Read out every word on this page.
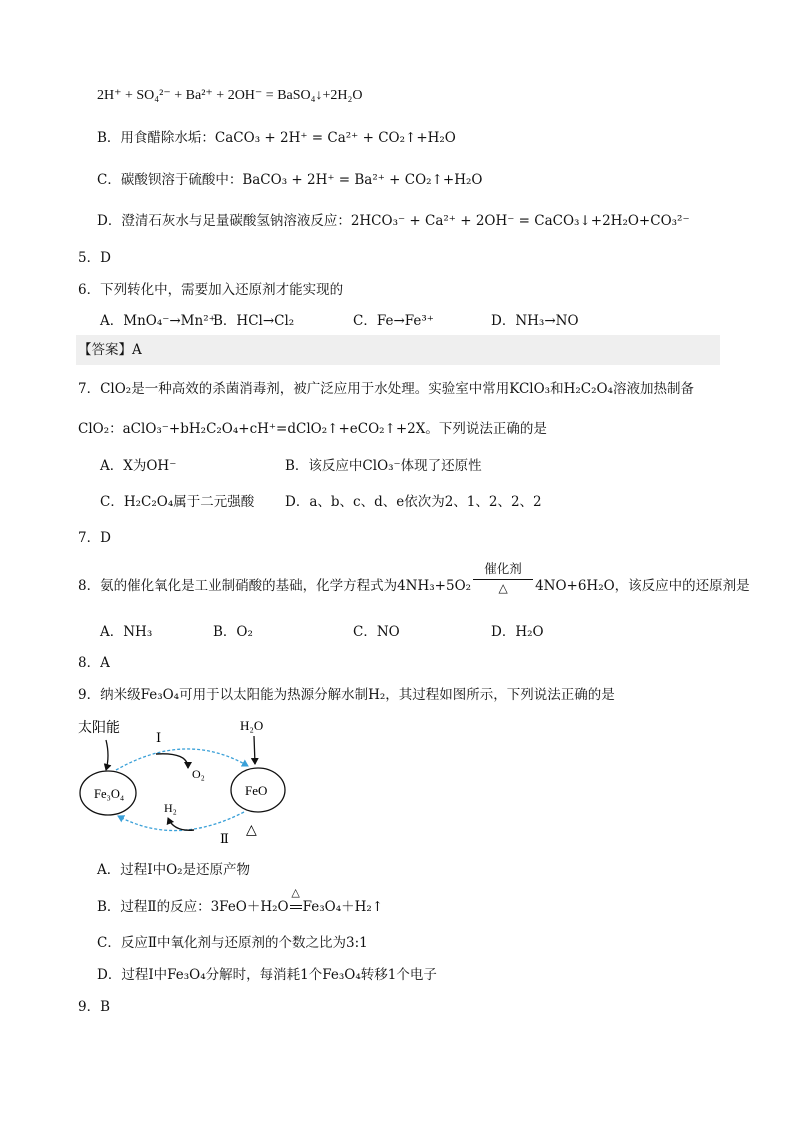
2H⁺ + SO₄²⁻ + Ba²⁺ + 2OH⁻ = BaSO₄↓+2H₂O
B．用食醋除水垢：CaCO₃ + 2H⁺ = Ca²⁺ + CO₂↑+H₂O
C．碳酸钡溶于硫酸中：BaCO₃ + 2H⁺ = Ba²⁺ + CO₂↑+H₂O
D．澄清石灰水与足量碳酸氢钠溶液反应：2HCO₃⁻ + Ca²⁺ + 2OH⁻ = CaCO₃↓+2H₂O+CO₃²⁻
5．D
6．下列转化中，需要加入还原剂才能实现的
A．MnO₄⁻→Mn²⁺
B．HCl→Cl₂	C．Fe→Fe³⁺	D．NH₃→NO
【答案】A
7．ClO₂是一种高效的杀菌消毒剂，被广泛应用于水处理。实验室中常用KClO₃和H₂C₂O₄溶液加热制备
ClO₂：aClO₃⁻+bH₂C₂O₄+cH⁺=dClO₂↑+eCO₂↑+2X。下列说法正确的是
A．X为OH⁻	B．该反应中ClO₃⁻体现了还原性
C．H₂C₂O₄属于二元强酸 D．a、b、c、d、e依次为2、1、2、2、2
7．D
8．氨的催化氧化是工业制硝酸的基础，化学方程式为4NH₃+5O₂
催化剂
△	4NO+6H₂O，该反应中的还原剂是
A．NH₃	B．O₂	C．NO	D．H₂O
8．A
9．纳米级Fe₃O₄可用于以太阳能为热源分解水制H₂，其过程如图所示，下列说法正确的是
太阳能
Ⅰ
O₂
H₂O
Fe₃O₄	FeO
H₂
Ⅱ
△
A．过程Ⅰ中O₂是还原产物
B．过程Ⅱ的反应：3FeO＋H₂O
△
Fe₃O₄＋H₂↑
C．反应Ⅱ中氧化剂与还原剂的个数之比为3:1
D．过程Ⅰ中Fe₃O₄分解时，每消耗1个Fe₃O₄转移1个电子
9．B
